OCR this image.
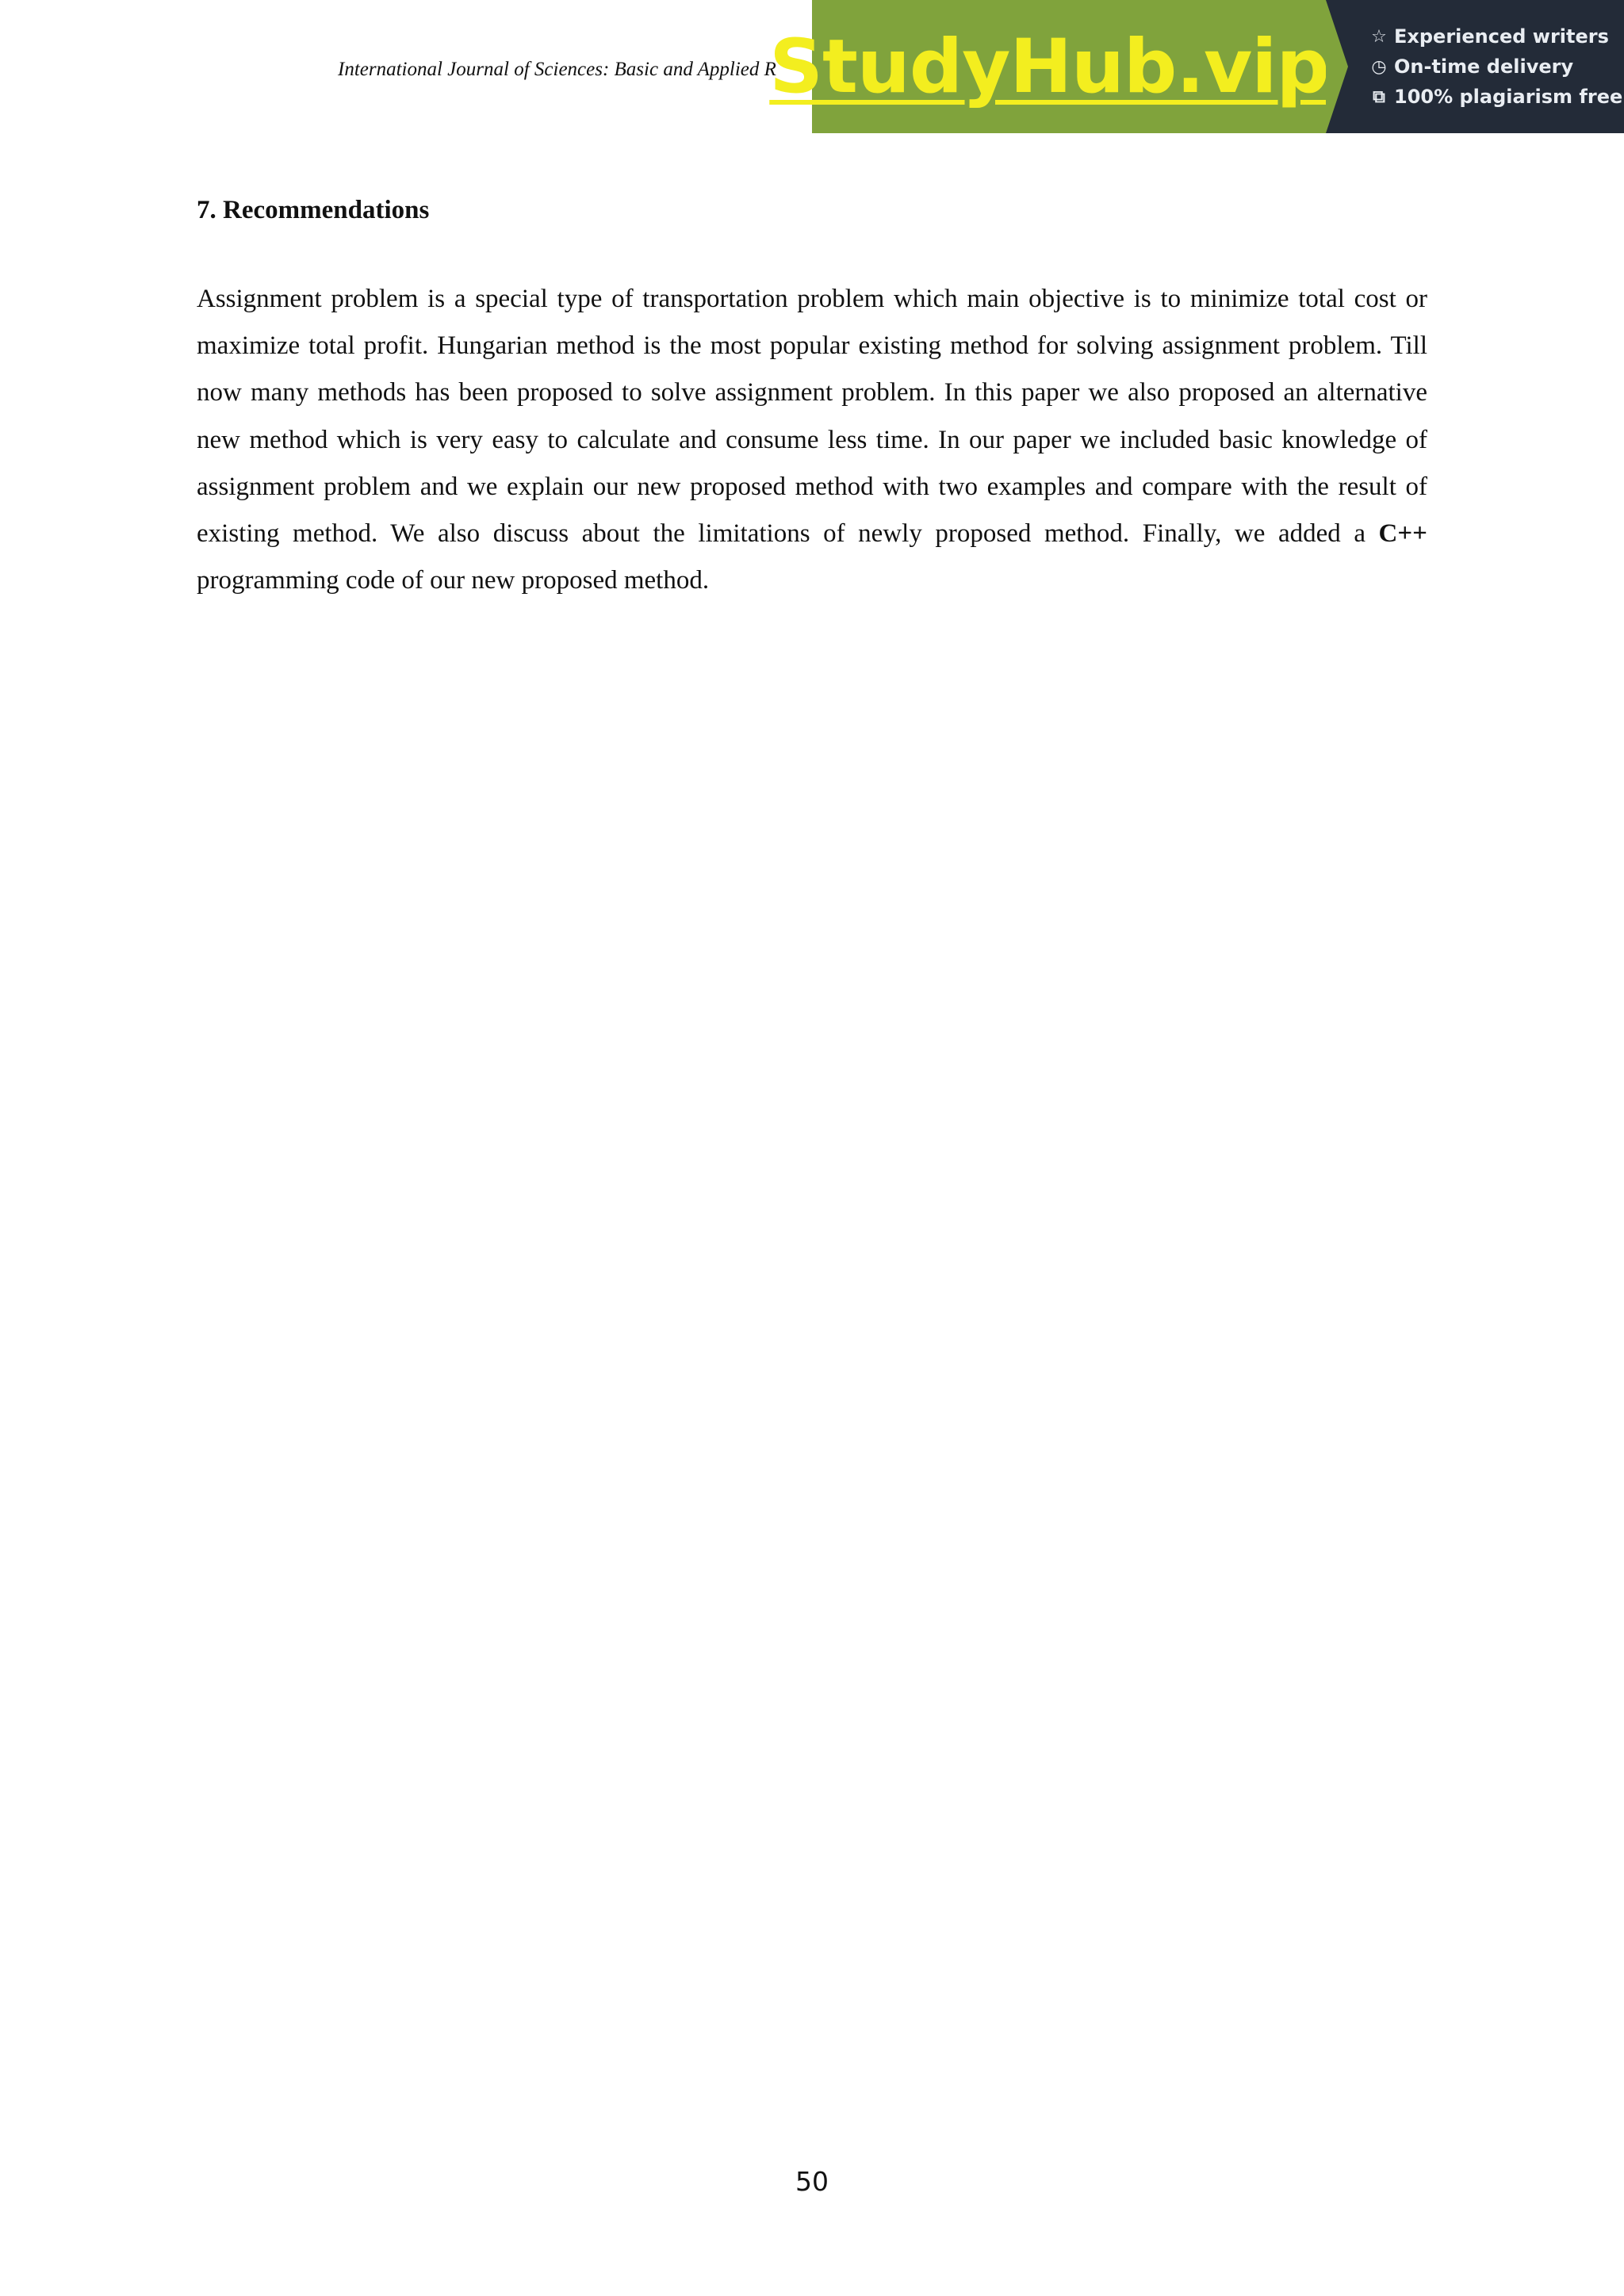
International Journal of Sciences: Basic and Applied R
StudyHub.vip ☆ Experienced writers
◷ On-time delivery
⧉ 100% plagiarism free
7. Recommendations

Assignment problem is a special type of transportation problem which main objective is to minimize total cost or maximize total profit. Hungarian method is the most popular existing method for solving assignment problem. Till now many methods has been proposed to solve assignment problem. In this paper we also proposed an alternative new method which is very easy to calculate and consume less time. In our paper we included basic knowledge of assignment problem and we explain our new proposed method with two examples and compare with the result of existing method. We also discuss about the limitations of newly proposed method. Finally, we added a C++ programming code of our new proposed method.

50
